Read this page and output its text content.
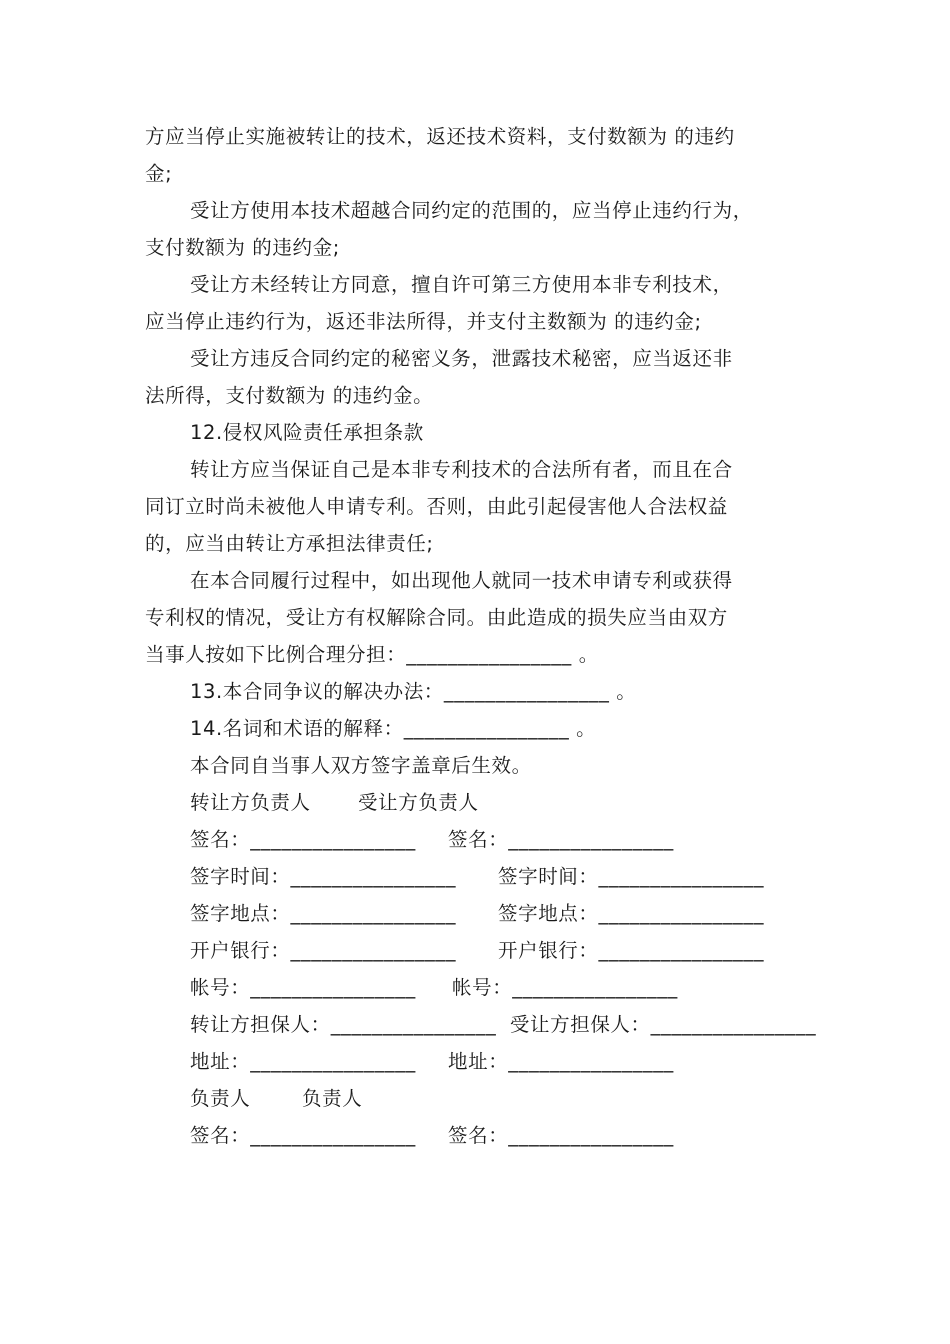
方应当停止实施被转让的技术，返还技术资料，支付数额为 的违约

金;

受让方使用本技术超越合同约定的范围的，应当停止违约行为，

支付数额为 的违约金;

受让方未经转让方同意，擅自许可第三方使用本非专利技术，

应当停止违约行为，返还非法所得，并支付主数额为 的违约金;

受让方违反合同约定的秘密义务，泄露技术秘密，应当返还非

法所得，支付数额为 的违约金。

12.侵权风险责任承担条款

转让方应当保证自己是本非专利技术的合法所有者，而且在合

同订立时尚未被他人申请专利。否则，由此引起侵害他人合法权益

的，应当由转让方承担法律责任;

在本合同履行过程中，如出现他人就同一技术申请专利或获得

专利权的情况，受让方有权解除合同。由此造成的损失应当由双方

当事人按如下比例合理分担：________________ 。

13.本合同争议的解决办法：________________ 。

14.名词和术语的解释：________________ 。

本合同自当事人双方签字盖章后生效。

转让方负责人 受让方负责人
签名：________________ 签名：________________
签字时间：________________ 签字时间：________________
签字地点：________________ 签字地点：________________
开户银行：________________ 开户银行：________________
帐号：________________ 帐号：________________
转让方担保人：________________ 受让方担保人：________________
地址：________________ 地址：________________
负责人	负责人
签名：________________ 签名：________________
